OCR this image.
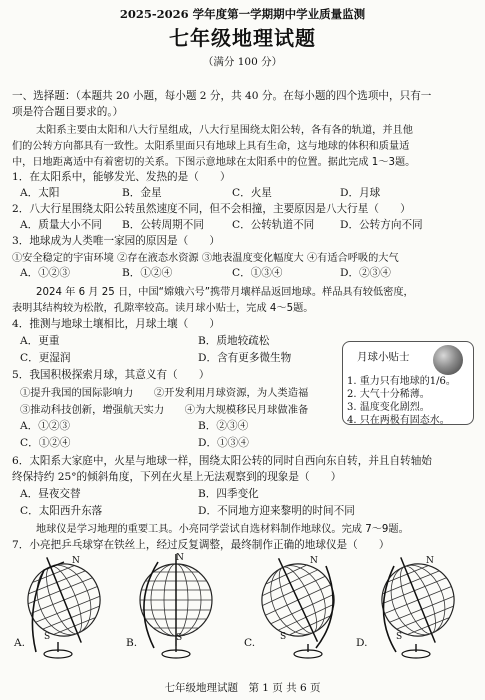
2025-2026 学年度第一学期期中学业质量监测
七年级地理试题
（满分 100 分）
一、选择题：（本题共 20 小题，每小题 2 分，共 40 分。在每小题的四个选项中，只有一
项是符合题目要求的。）
太阳系主要由太阳和八大行星组成，八大行星围绕太阳公转，各有各的轨道，并且他
们的公转方向都具有一致性。太阳系里面只有地球上具有生命，这与地球的体积和质量适
中，日地距离适中有着密切的关系。下图示意地球在太阳系中的位置。据此完成 1～3题。
1．在太阳系中，能够发光、发热的是（　　）
A．太阳	B．金星	C．火星	D．月球
2．八大行星围绕太阳公转虽然速度不同，但不会相撞，主要原因是八大行星（　　）
A．质量大小不同 B．公转周期不同	C．公转轨道不同 D．公转方向不同
3．地球成为人类唯一家园的原因是（　　）
①安全稳定的宇宙环境 ②存在液态水资源 ③地表温度变化幅度大 ④有适合呼吸的大气
A．①②③	B．①②④	C．①③④	D．②③④
2024 年 6 月 25 日，中国“嫦娥六号”携带月壤样品返回地球。样品具有较低密度，
表明其结构较为松散，孔隙率较高。读月球小贴士，完成 4～5题。
4．推测与地球土壤相比，月球土壤（　　）
A．更重	B．质地较疏松
C．更湿润	D．含有更多微生物	月球小贴士
1. 重力只有地球的1/6。
2. 大气十分稀薄。
3. 温度变化剧烈。
4. 只在两极有固态水。
5．我国积极探索月球，其意义有（　　）
①提升我国的国际影响力　　②开发利用月球资源，为人类造福
③推动科技创新，增强航天实力　　④为大规模移民月球做准备
A．①②③	B．②③④
C．①②④	D．①③④
6．太阳系大家庭中，火星与地球一样，围绕太阳公转的同时自西向东自转，并且自转轴始
终保持约 25°的倾斜角度，下列在火星上无法观察到的现象是（　　）
A．昼夜交替	B．四季变化
C．太阳西升东落	D．不同地方迎来黎明的时间不同
地球仪是学习地理的重要工具。小亮同学尝试自选材料制作地球仪。完成 7～9题。
7．小亮把乒乓球穿在铁丝上，经过反复调整，最终制作正确的地球仪是（　　）
N
S
N
S
N
S
N
S
A.	B.	C.	D.
七年级地理试题　第 1 页 共 6 页
